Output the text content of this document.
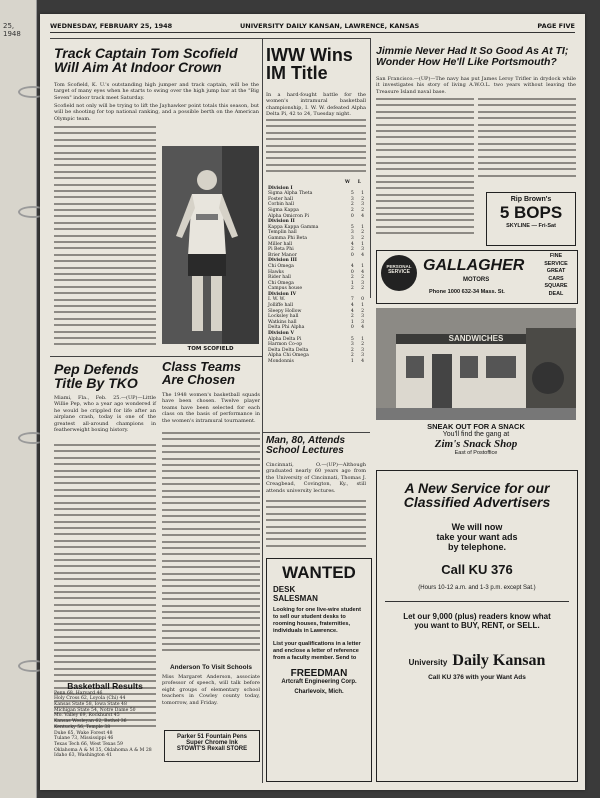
25, 1948
WEDNESDAY, FEBRUARY 25, 1948	UNIVERSITY DAILY KANSAN, LAWRENCE, KANSAS	PAGE FIVE
Track Captain Tom Scofield Will Aim At Indoor Crown
Tom Scofield, K. U.'s outstanding high jumper and track captain, will be the target of many eyes when he starts to swing over the high jump bar at the "Big Seven" indoor track meet Saturday.
Scofield not only will be trying to lift the Jayhawker point totals this season, but will be shooting for top national ranking, and a possible berth on the American Olympic team.
TOM SCOFIELD
Pep Defends Title By TKO
Miami, Fla., Feb. 25.—(UP)—Little Willie Pep, who a year ago wondered if he would be crippled for life after an airplane crash, today is one of the greatest all-around champions in featherweight boxing history.
Basketball Results
Penn 68, Harvard 46
Holy Cross 62, Loyola (Chi) 44
Kansas State 58, Iowa State 48
Michigan State 54, Notre Dame 50
Mo. Valley 69, Rockhurst 45
Kansas Wesleyan 62, Bethel 36
Kentucky 56, Temple 38
Duke 65, Wake Forest 48
Tulane 73, Mississippi 46
Texas Tech 66, West Texas 59
Oklahoma A & M 35, Oklahoma A & M 28
Idaho 63, Washington 41
Class Teams Are Chosen
The 1948 women's basketball squads have been chosen. Twelve player teams have been selected for each class on the basis of performance in the women's intramural tournament.
Anderson To Visit Schools
Miss Margaret Anderson, associate professor of speech, will talk before eight groups of elementary school teachers in Cowley county today, tomorrow, and Friday.
Parker 51 Fountain Pens
Super Chrome Ink
STOWIT'S Rexall STORE
IWW Wins IM Title
In a hard-fought battle for the women's intramural basketball championship, I. W. W. defeated Alpha Delta Pi, 42 to 24, Tuesday night.
	W	L
Division I		
Sigma Alpha Theta	5	1
Foster hall	3	2
Corbin hall	2	3
Sigma Kappa	2	2
Alpha Omicron Pi	0	4
Division II		
Kappa Kappa Gamma	5	1
Templin hall	3	2
Gamma Phi Beta	3	2
Miller hall	4	1
Pi Beta Phi	2	3
Brier Manor	0	4
Division III		
Chi Omega	4	1
Hawks	0	4
Rider hall	2	2
Chi Omega	1	3
Campus house	2	2
Division IV		
I. W. W.	7	0
Jolliffe hall	4	1
Sleepy Hollow	4	2
Locksley hall	2	3
Watkins hall	1	3
Delta Phi Alpha	0	4
Division V		
Alpha Delta Pi	5	1
Harmon Co-op	3	2
Delta Delta Delta	2	3
Alpha Chi Omega	2	3
Mondonnis	1	4
Man, 80, Attends School Lectures
Cincinnati, O.—(UP)—Although graduated nearly 60 years ago from the University of Cincinnati, Thomas J. Creagbead, Covington, Ky., still attends university lectures.
WANTED
DESK
SALESMAN
Looking for one live-wire student to sell our student desks to rooming houses, fraternities, individuals in Lawrence.
List your qualifications in a letter and enclose a letter of reference from a faculty member. Send to
FREEDMAN
Artcraft Engineering Corp.
Charlevoix, Mich.
Jimmie Never Had It So Good As At TI; Wonder How He'll Like Portsmouth?
San Francisco.—(UP)—The navy has put James Leroy Trifler in drydock while it investigates his story of living A.W.O.L. two years without leaving the Treasure Island naval base.
Rip Brown's
5 BOPS
SKYLINE — Fri-Sat
PERSONAL
SERVICE GALLAGHER
MOTORS
Phone 1000 632-34 Mass. St.
FINE
SERVICE
GREAT
CARS
SQUARE
DEAL
SANDWICHES
SNEAK OUT FOR A SNACK
You'll find the gang at
Zim's Snack Shop
East of Postoffice
A New Service for our
Classified Advertisers
We will now
take your want ads
by telephone.
Call KU 376
(Hours 10-12 a.m. and 1-3 p.m. except Sat.)
Let our 9,000 (plus) readers know what
you want to BUY, RENT, or SELL.
University Daily Kansan
Call KU 376 with your Want Ads
